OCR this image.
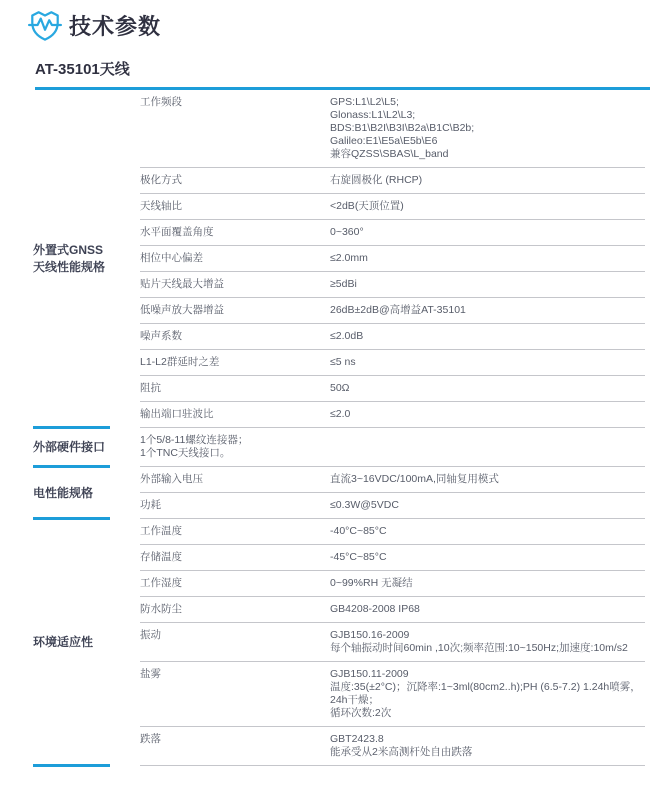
技术参数
AT-35101天线
外置式GNSS
天线性能规格
工作频段	GPS:L1\L2\L5;
Glonass:L1\L2\L3;
BDS:B1\B2I\B3I\B2a\B1C\B2b;
Galileo:E1\E5a\E5b\E6
兼容QZSS\SBAS\L_band
极化方式	右旋圆极化 (RHCP)
天线轴比	<2dB(天顶位置)
水平面覆盖角度	0~360°
相位中心偏差	≤2.0mm
贴片天线最大增益	≥5dBi
低噪声放大器增益	26dB±2dB@高增益AT-35101
噪声系数	≤2.0dB
L1-L2群延时之差	≤5 ns
阻抗	50Ω
输出端口驻波比	≤2.0
外部硬件接口	1个5/8-11螺纹连接器；
1个TNC天线接口。
电性能规格
外部输入电压	直流3~16VDC/100mA,同轴复用模式
功耗	≤0.3W@5VDC
环境适应性
工作温度	-40°C~85°C
存储温度	-45°C~85°C
工作湿度	0~99%RH 无凝结
防水防尘	GB4208-2008 IP68
振动	GJB150.16-2009
每个轴振动时间60min ,10次;频率范围:10~150Hz;加速度:10m/s2
盐雾	GJB150.11-2009
温度:35(±2°C)；沉降率:1~3ml(80cm2..h);PH (6.5-7.2) 1.24h喷雾，
24h干燥；
循环次数:2次
跌落	GBT2423.8
能承受从2米高测杆处自由跌落
